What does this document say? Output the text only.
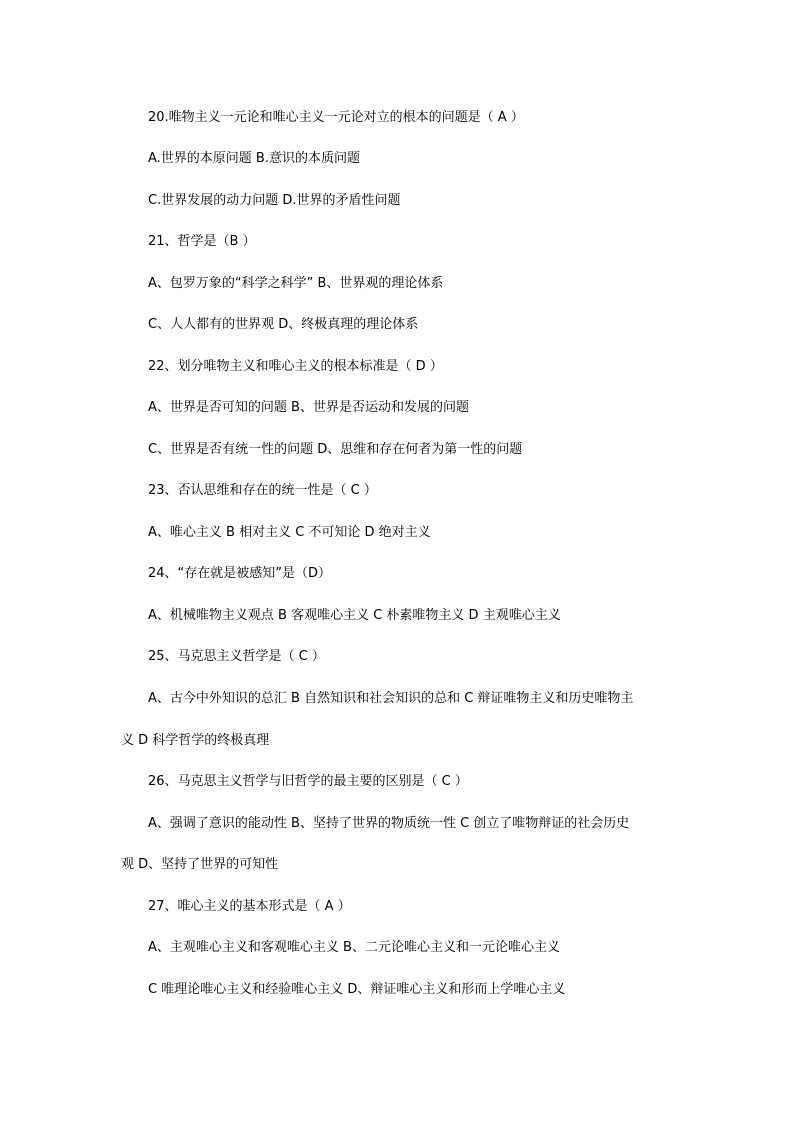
20.唯物主义一元论和唯心主义一元论对立的根本的问题是（ A ）
A.世界的本原问题 B.意识的本质问题
C.世界发展的动力问题 D.世界的矛盾性问题
21、哲学是（B ）
A、包罗万象的“科学之科学” B、世界观的理论体系
C、人人都有的世界观 D、终极真理的理论体系
22、划分唯物主义和唯心主义的根本标准是（ D ）
A、世界是否可知的问题 B、世界是否运动和发展的问题
C、世界是否有统一性的问题 D、思维和存在何者为第一性的问题
23、否认思维和存在的统一性是（ C ）
A、唯心主义 B 相对主义 C 不可知论 D 绝对主义
24、“存在就是被感知”是（D）
A、机械唯物主义观点 B 客观唯心主义 C 朴素唯物主义 D 主观唯心主义
25、马克思主义哲学是（ C ）
A、古今中外知识的总汇 B 自然知识和社会知识的总和 C 辩证唯物主义和历史唯物主
义 D 科学哲学的终极真理
26、马克思主义哲学与旧哲学的最主要的区别是（ C ）
A、强调了意识的能动性 B、坚持了世界的物质统一性 C 创立了唯物辩证的社会历史
观 D、坚持了世界的可知性
27、唯心主义的基本形式是（ A ）
A、主观唯心主义和客观唯心主义 B、二元论唯心主义和一元论唯心主义
C 唯理论唯心主义和经验唯心主义 D、辩证唯心主义和形而上学唯心主义
